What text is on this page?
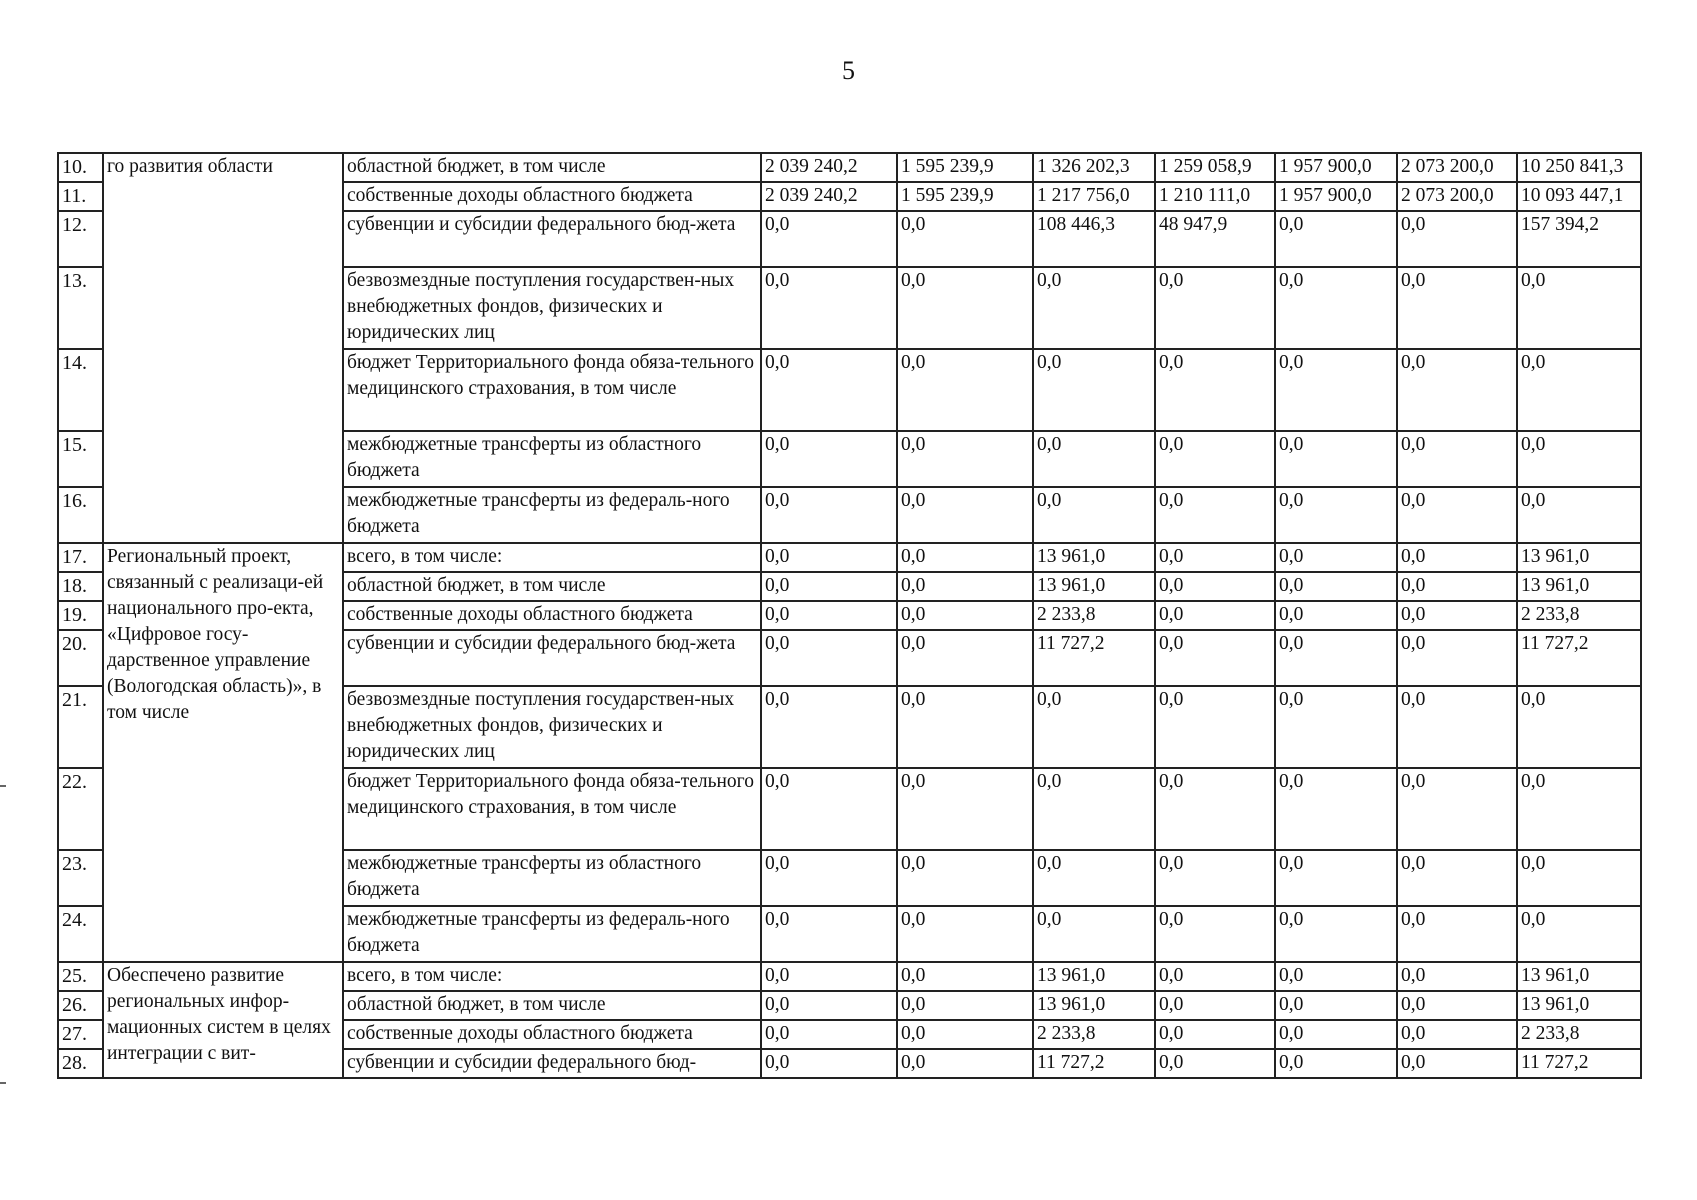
5
10.	го развития области	областной бюджет, в том числе	2 039 240,2	1 595 239,9	1 326 202,3	1 259 058,9	1 957 900,0	2 073 200,0	10 250 841,3
11.		собственные доходы областного бюджета	2 039 240,2	1 595 239,9	1 217 756,0	1 210 111,0	1 957 900,0	2 073 200,0	10 093 447,1
12.		субвенции и субсидии федерального бюд-жета	0,0	0,0	108 446,3	48 947,9	0,0	0,0	157 394,2
13.		безвозмездные поступления государствен-ных внебюджетных фондов, физических и юридических лиц	0,0	0,0	0,0	0,0	0,0	0,0	0,0
14.		бюджет Территориального фонда обяза-тельного медицинского страхования, в том числе	0,0	0,0	0,0	0,0	0,0	0,0	0,0
15.		межбюджетные трансферты из областного бюджета	0,0	0,0	0,0	0,0	0,0	0,0	0,0
16.		межбюджетные трансферты из федераль-ного бюджета	0,0	0,0	0,0	0,0	0,0	0,0	0,0
17.	Региональный проект, связанный с реализаци-ей национального про-екта, «Цифровое госу-дарственное управление (Вологодская область)», в том числе	всего, в том числе:	0,0	0,0	13 961,0	0,0	0,0	0,0	13 961,0
18.		областной бюджет, в том числе	0,0	0,0	13 961,0	0,0	0,0	0,0	13 961,0
19.		собственные доходы областного бюджета	0,0	0,0	2 233,8	0,0	0,0	0,0	2 233,8
20.		субвенции и субсидии федерального бюд-жета	0,0	0,0	11 727,2	0,0	0,0	0,0	11 727,2
21.		безвозмездные поступления государствен-ных внебюджетных фондов, физических и юридических лиц	0,0	0,0	0,0	0,0	0,0	0,0	0,0
22.		бюджет Территориального фонда обяза-тельного медицинского страхования, в том числе	0,0	0,0	0,0	0,0	0,0	0,0	0,0
23.		межбюджетные трансферты из областного бюджета	0,0	0,0	0,0	0,0	0,0	0,0	0,0
24.		межбюджетные трансферты из федераль-ного бюджета	0,0	0,0	0,0	0,0	0,0	0,0	0,0
25.	Обеспечено развитие региональных инфор-мационных систем в целях интеграции с вит-	всего, в том числе:	0,0	0,0	13 961,0	0,0	0,0	0,0	13 961,0
26.		областной бюджет, в том числе	0,0	0,0	13 961,0	0,0	0,0	0,0	13 961,0
27.		собственные доходы областного бюджета	0,0	0,0	2 233,8	0,0	0,0	0,0	2 233,8
28.		субвенции и субсидии федерального бюд-	0,0	0,0	11 727,2	0,0	0,0	0,0	11 727,2
